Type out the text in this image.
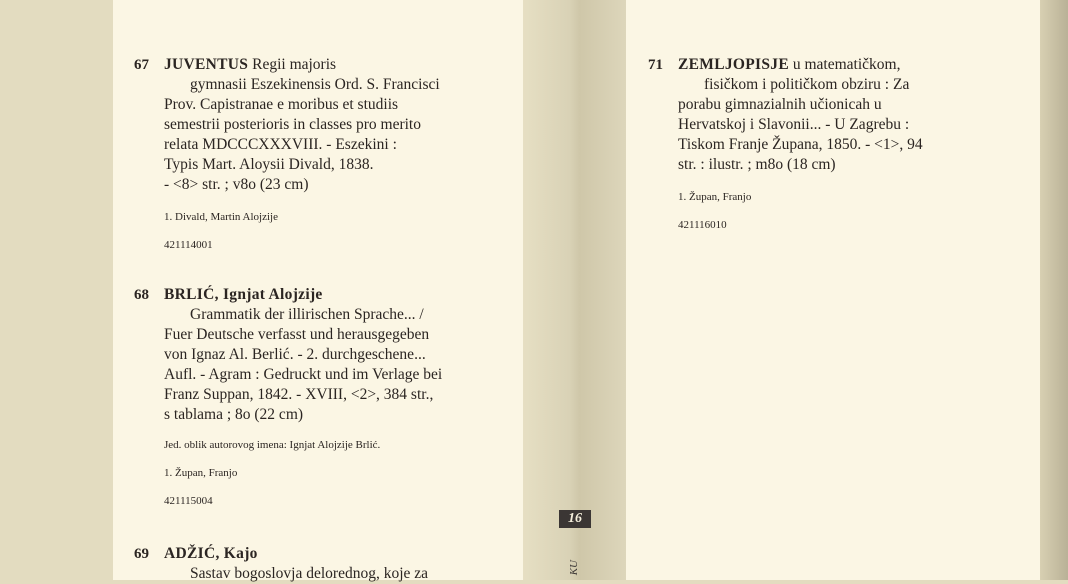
67 JUVENTUS Regii majoris
gymnasii Eszekinensis Ord. S. Francisci
Prov. Capistranae e moribus et studiis
semestrii posterioris in classes pro merito
relata MDCCCXXXVIII. - Eszekini :
Typis Mart. Aloysii Divald, 1838.
- <8> str. ; v8o (23 cm)
1. Divald, Martin Alojzije
421114001
68 BRLIĆ, Ignjat Alojzije
Grammatik der illirischen Sprache... /
Fuer Deutsche verfasst und herausgegeben
von Ignaz Al. Berlić. - 2. durchgeschene...
Aufl. - Agram : Gedruckt und im Verlage bei
Franz Suppan, 1842. - XVIII, <2>, 384 str.,
s tablama ; 8o (22 cm)
Jed. oblik autorovog imena: Ignjat Alojzije Brlić.
1. Župan, Franjo
421115004
69 ADŽIĆ, Kajo
Sastav bogoslovja delorednog, koje za
71 ZEMLJOPISJE u matematičkom,
fisičkom i političkom obziru : Za
porabu gimnazialnih učionicah u
Hervatskoj i Slavonii... - U Zagrebu :
Tiskom Franje Župana, 1850. - <1>, 94
str. : ilustr. ; m8o (18 cm)
1. Župan, Franjo
421116010
16
KU
